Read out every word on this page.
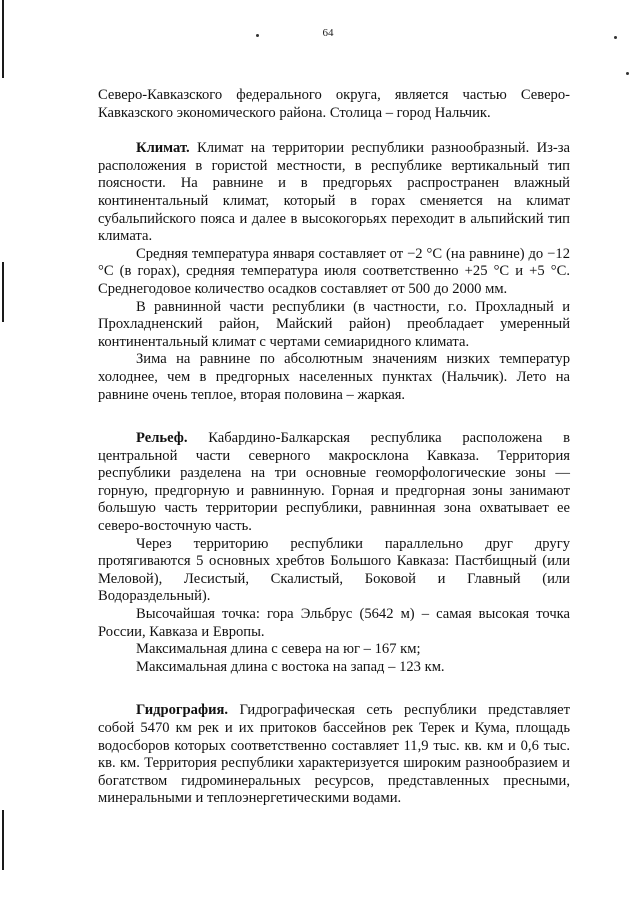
64

Северо-Кавказского федерального округа, является частью Северо-Кавказского экономического района. Столица – город Нальчик.

Климат. Климат на территории республики разнообразный. Из-за расположения в гористой местности, в республике вертикальный тип поясности. На равнине и в предгорьях распространен влажный континентальный климат, который в горах сменяется на климат субальпийского пояса и далее в высокогорьях переходит в альпийский тип климата.

Средняя температура января составляет от −2 °С (на равнине) до −12 °С (в горах), средняя температура июля соответственно +25 °С и +5 °С. Среднегодовое количество осадков составляет от 500 до 2000 мм.

В равнинной части республики (в частности, г.о. Прохладный и Прохладненский район, Майский район) преобладает умеренный континентальный климат с чертами семиаридного климата.

Зима на равнине по абсолютным значениям низких температур холоднее, чем в предгорных населенных пунктах (Нальчик). Лето на равнине очень теплое, вторая половина – жаркая.

Рельеф. Кабардино-Балкарская республика расположена в центральной части северного макросклона Кавказа. Территория республики разделена на три основные геоморфологические зоны — горную, предгорную и равнинную. Горная и предгорная зоны занимают большую часть территории республики, равнинная зона охватывает ее северо-восточную часть.

Через территорию республики параллельно друг другу протягиваются 5 основных хребтов Большого Кавказа: Пастбищный (или Меловой), Лесистый, Скалистый, Боковой и Главный (или Водораздельный).

Высочайшая точка: гора Эльбрус (5642 м) – самая высокая точка России, Кавказа и Европы.

Максимальная длина с севера на юг – 167 км;

Максимальная длина с востока на запад – 123 км.

Гидрография. Гидрографическая сеть республики представляет собой 5470 км рек и их притоков бассейнов рек Терек и Кума, площадь водосборов которых соответственно составляет 11,9 тыс. кв. км и 0,6 тыс. кв. км. Территория республики характеризуется широким разнообразием и богатством гидроминеральных ресурсов, представленных пресными, минеральными и теплоэнергетическими водами.
